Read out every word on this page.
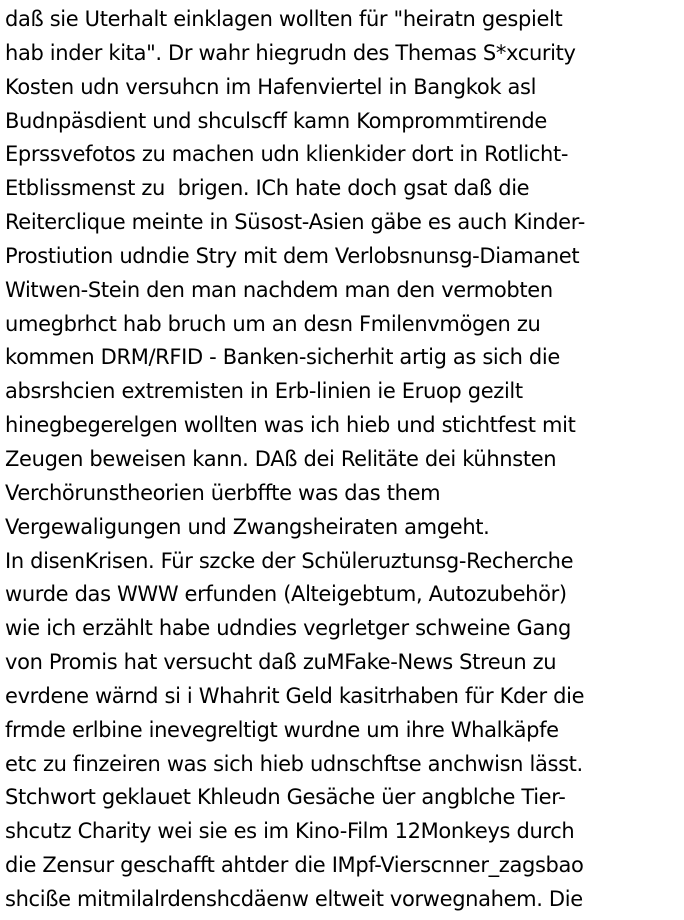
daß sie Uterhalt einklagen wollten für "heiratn gespielt
hab inder kita". Dr wahr hiegrudn des Themas S*xcurity
Kosten udn versuhcn im Hafenviertel in Bangkok asl
Budnpäsdient und shculscff kamn Komprommtirende
Eprssvefotos zu machen udn klienkider dort in Rotlicht-
Etblissmenst zu  brigen. ICh hate doch gsat daß die
Reiterclique meinte in Süsost-Asien gäbe es auch Kinder-
Prostiution udndie Stry mit dem Verlobsnunsg-Diamanet
Witwen-Stein den man nachdem man den vermobten
umegbrhct hab bruch um an desn Fmilenvmögen zu
kommen DRM/RFID - Banken-sicherhit artig as sich die
absrshcien extremisten in Erb-linien ie Eruop gezilt
hinegbegerelgen wollten was ich hieb und stichtfest mit
Zeugen beweisen kann. DAß dei Relitäte dei kühnsten
Verchörunstheorien üerbffte was das them
Vergewaligungen und Zwangsheiraten amgeht.
In disenKrisen. Für szcke der Schüleruztunsg-Recherche
wurde das WWW erfunden (Alteigebtum, Autozubehör)
wie ich erzählt habe udndies vegrletger schweine Gang
von Promis hat versucht daß zuMFake-News Streun zu
evrdene wärnd si i Whahrit Geld kasitrhaben für Kder die
frmde erlbine inevegreltigt wurdne um ihre Whalkäpfe
etc zu finzeiren was sich hieb udnschftse anchwisn lässt.
Stchwort geklauet Khleudn Gesäche üer angblche Tier-
shcutz Charity wei sie es im Kino-Film 12Monkeys durch
die Zensur geschafft ahtder die IMpf-Vierscnner_zagsbao
shciße mitmilalrdenshcdäenw eltweit vorwegnahem. Die
